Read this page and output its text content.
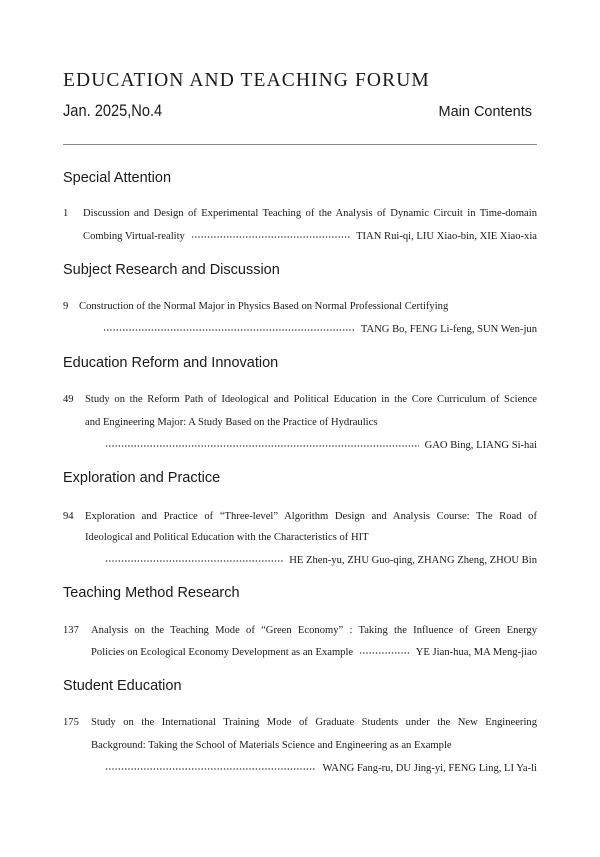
EDUCATION AND TEACHING FORUM
Jan. 2025,No.4	Main Contents
Special Attention
1 Discussion and Design of Experimental Teaching of the Analysis of Dynamic Circuit in Time-domain
Combing Virtual-reality	TIAN Rui-qi, LIU Xiao-bin, XIE Xiao-xia
Subject Research and Discussion
9 Construction of the Normal Major in Physics Based on Normal Professional Certifying
TANG Bo, FENG Li-feng, SUN Wen-jun
Education Reform and Innovation
49 Study on the Reform Path of Ideological and Political Education in the Core Curriculum of Science
and Engineering Major: A Study Based on the Practice of Hydraulics
GAO Bing, LIANG Si-hai
Exploration and Practice
94 Exploration and Practice of “Three-level” Algorithm Design and Analysis Course: The Road of
Ideological and Political Education with the Characteristics of HIT
HE Zhen-yu, ZHU Guo-qing, ZHANG Zheng, ZHOU Bin
Teaching Method Research
137 Analysis on the Teaching Mode of “Green Economy” : Taking the Influence of Green Energy
Policies on Ecological Economy Development as an Example	YE Jian-hua, MA Meng-jiao
Student Education
175 Study on the International Training Mode of Graduate Students under the New Engineering
Background: Taking the School of Materials Science and Engineering as an Example
WANG Fang-ru, DU Jing-yi, FENG Ling, LI Ya-li
